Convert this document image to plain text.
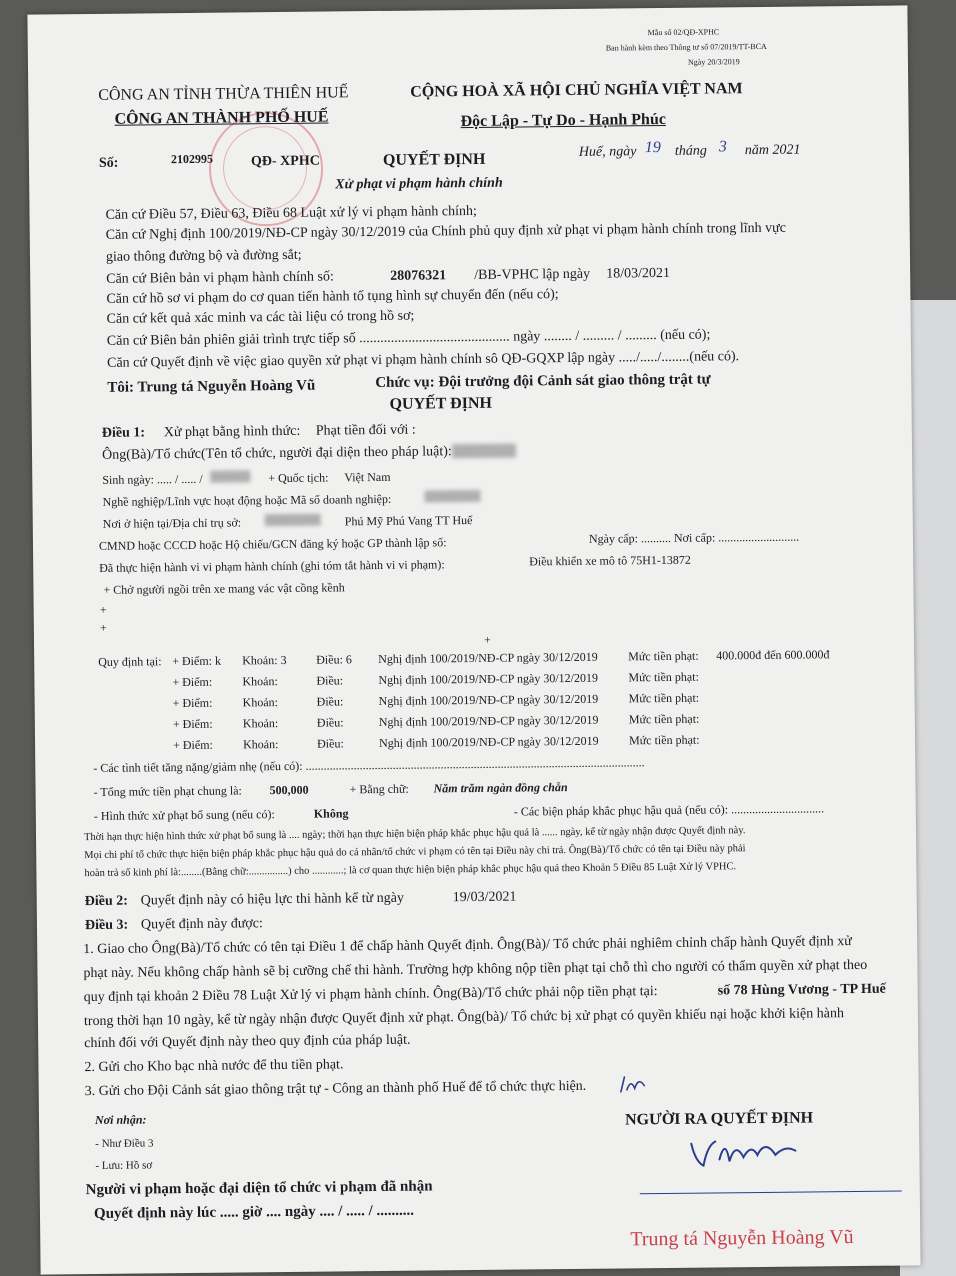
Mẫu số 02/QĐ-XPHC
Ban hành kèm theo Thông tư số 07/2019/TT-BCA
Ngày 20/3/2019
CÔNG AN TỈNH THỪA THIÊN HUẾ
CÔNG AN THÀNH PHỐ HUẾ
CỘNG HOÀ XÃ HỘI CHỦ NGHĨA VIỆT NAM
Độc Lập - Tự Do - Hạnh Phúc
Số:	2102995	QĐ- XPHC
Huế, ngày 19 tháng 3 năm 2021
QUYẾT ĐỊNH
Xử phạt vi phạm hành chính
Căn cứ Điều 57, Điều 63, Điều 68 Luật xử lý vi phạm hành chính;
Căn cứ Nghị định 100/2019/NĐ-CP ngày 30/12/2019 của Chính phủ quy định xử phạt vi phạm hành chính trong lĩnh vực
giao thông đường bộ và đường sắt;
Căn cứ Biên bản vi phạm hành chính số:	28076321 /BB-VPHC lập ngày 18/03/2021
Căn cứ hồ sơ vi phạm do cơ quan tiến hành tố tụng hình sự chuyển đến (nếu có);
Căn cứ kết quả xác minh va các tài liệu có trong hồ sơ;
Căn cứ Biên bản phiên giải trình trực tiếp số ........................................... ngày ........ / ......... / ......... (nếu có);
Căn cứ Quyết định về việc giao quyền xử phạt vi phạm hành chính sô QĐ-GQXP lập ngày ...../...../........(nếu có).
Tôi: Trung tá Nguyễn Hoàng Vũ	Chức vụ: Đội trưởng đội Cảnh sát giao thông trật tự
QUYẾT ĐỊNH
Điều 1: Xử phạt bằng hình thức: Phạt tiền đối với :
Ông(Bà)/Tổ chức(Tên tổ chức, người đại diện theo pháp luật):
Sinh ngày: ..... / ..... /	+ Quốc tịch: Việt Nam
Nghề nghiệp/Lĩnh vực hoạt động hoặc Mã số doanh nghiệp:
Nơi ở hiện tại/Địa chỉ trụ sở:	Phú Mỹ Phú Vang TT Huế
CMND hoặc CCCD hoặc Hộ chiếu/GCN đăng ký hoặc GP thành lập số:	Ngày cấp: .......... Nơi cấp: ...........................
Đã thực hiện hành vi vi phạm hành chính (ghi tóm tắt hành vi vi phạm):	Điều khiển xe mô tô 75H1-13872
+ Chở người ngồi trên xe mang vác vật cồng kềnh
+
+
+
Quy định tại: + Điểm: k Khoản: 3 Điều: 6 Nghị định 100/2019/NĐ-CP ngày 30/12/2019	Mức tiền phạt: 400.000đ đến 600.000đ
+ Điểm:	Khoản:	Điều:	Nghị định 100/2019/NĐ-CP ngày 30/12/2019	Mức tiền phạt:
+ Điểm:	Khoản:	Điều:	Nghị định 100/2019/NĐ-CP ngày 30/12/2019	Mức tiền phạt:
+ Điểm:	Khoản:	Điều:	Nghị định 100/2019/NĐ-CP ngày 30/12/2019	Mức tiền phạt:
+ Điểm:	Khoản:	Điều:	Nghị định 100/2019/NĐ-CP ngày 30/12/2019	Mức tiền phạt:
- Các tình tiết tăng nặng/giảm nhẹ (nếu có): .................................................................................................................
- Tổng mức tiền phạt chung là: 500,000	+ Bằng chữ: Năm trăm ngàn đồng chẵn
- Hình thức xử phạt bổ sung (nếu có):	Không	- Các biện pháp khắc phục hậu quả (nếu có): ...............................
Thời hạn thực hiện hình thức xử phạt bổ sung là .... ngày; thời hạn thực hiện biện pháp khắc phục hậu quả là ...... ngày, kể từ ngày nhận được Quyết định này.
Mọi chi phí tổ chức thực hiện biện pháp khắc phục hậu quả do cá nhân/tổ chức vi phạm có tên tại Điều này chi trả. Ông(Bà)/Tổ chức có tên tại Điều này phải
hoàn trả số kinh phí là:........(Bằng chữ:...............) cho ............; là cơ quan thực hiện biện pháp khắc phục hậu quả theo Khoản 5 Điều 85 Luật Xử lý VPHC.
Điều 2: Quyết định này có hiệu lực thi hành kể từ ngày	19/03/2021
Điều 3: Quyết định này được:
1. Giao cho Ông(Bà)/Tổ chức có tên tại Điều 1 để chấp hành Quyết định. Ông(Bà)/ Tổ chức phải nghiêm chỉnh chấp hành Quyết định xử
phạt này. Nếu không chấp hành sẽ bị cưỡng chế thi hành. Trường hợp không nộp tiền phạt tại chỗ thì cho người có thẩm quyền xử phạt theo
quy định tại khoản 2 Điều 78 Luật Xử lý vi phạm hành chính. Ông(Bà)/Tổ chức phải nộp tiền phạt tại:	số 78 Hùng Vương - TP Huế
trong thời hạn 10 ngày, kể từ ngày nhận được Quyết định xử phạt. Ông(bà)/ Tổ chức bị xử phạt có quyền khiếu nại hoặc khởi kiện hành
chính đối với Quyết định này theo quy định của pháp luật.
2. Gửi cho Kho bạc nhà nước để thu tiền phạt.
3. Gửi cho Đội Cảnh sát giao thông trật tự - Công an thành phố Huế để tổ chức thực hiện.
Nơi nhận:
- Như Điều 3
- Lưu: Hồ sơ
Người vi phạm hoặc đại diện tổ chức vi phạm đã nhận
Quyết định này lúc ..... giờ .... ngày .... / ..... / ..........
NGƯỜI RA QUYẾT ĐỊNH
Trung tá Nguyễn Hoàng Vũ
